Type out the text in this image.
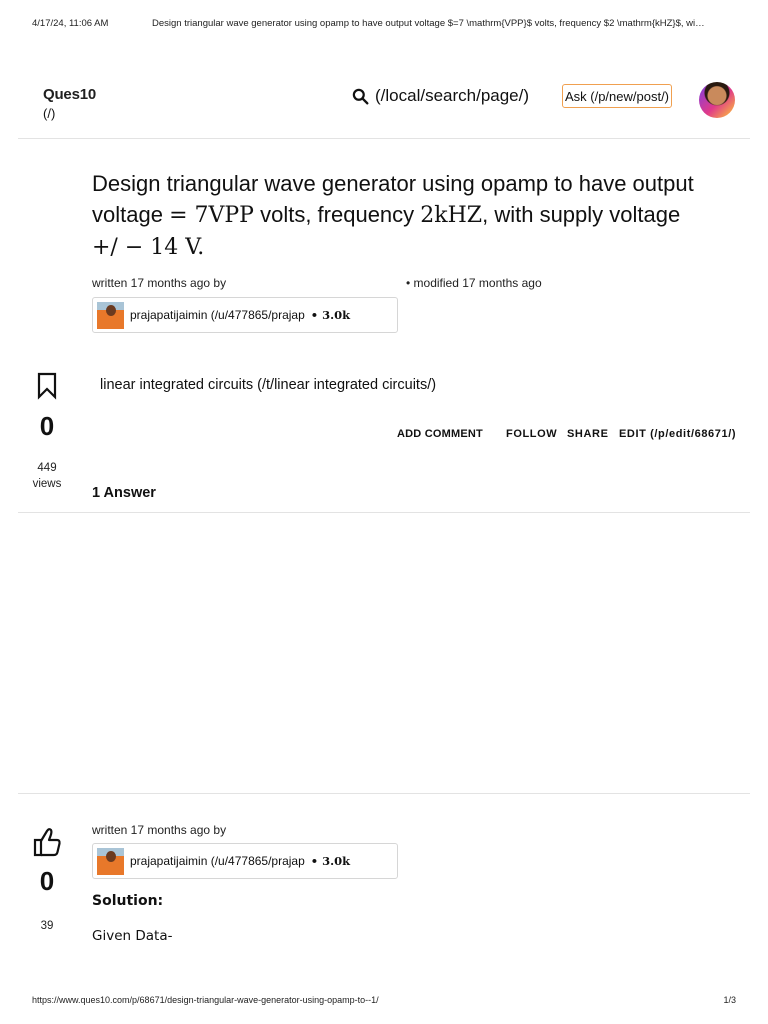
4/17/24, 11:06 AM	Design triangular wave generator using opamp to have output voltage $=7 \mathrm{VPP}$ volts, frequency $2 \mathrm{kHZ}$, wi…
Ques10
(/)
(/local/search/page/)	Ask (/p/new/post/)
Design triangular wave generator using opamp to have output voltage = 7VPP volts, frequency 2kHZ, with supply voltage
+/ − 14 V.
written 17 months ago by	• modified 17 months ago
prajapatijaimin (/u/477865/prajap • 3.0k
0
449
views
linear integrated circuits (/t/linear integrated circuits/)
ADD COMMENT FOLLOW SHARE EDIT (/p/edit/68671/)
1 Answer
0
39
written 17 months ago by
prajapatijaimin (/u/477865/prajap • 3.0k
Solution:
Given Data-
https://www.ques10.com/p/68671/design-triangular-wave-generator-using-opamp-to--1/	1/3
